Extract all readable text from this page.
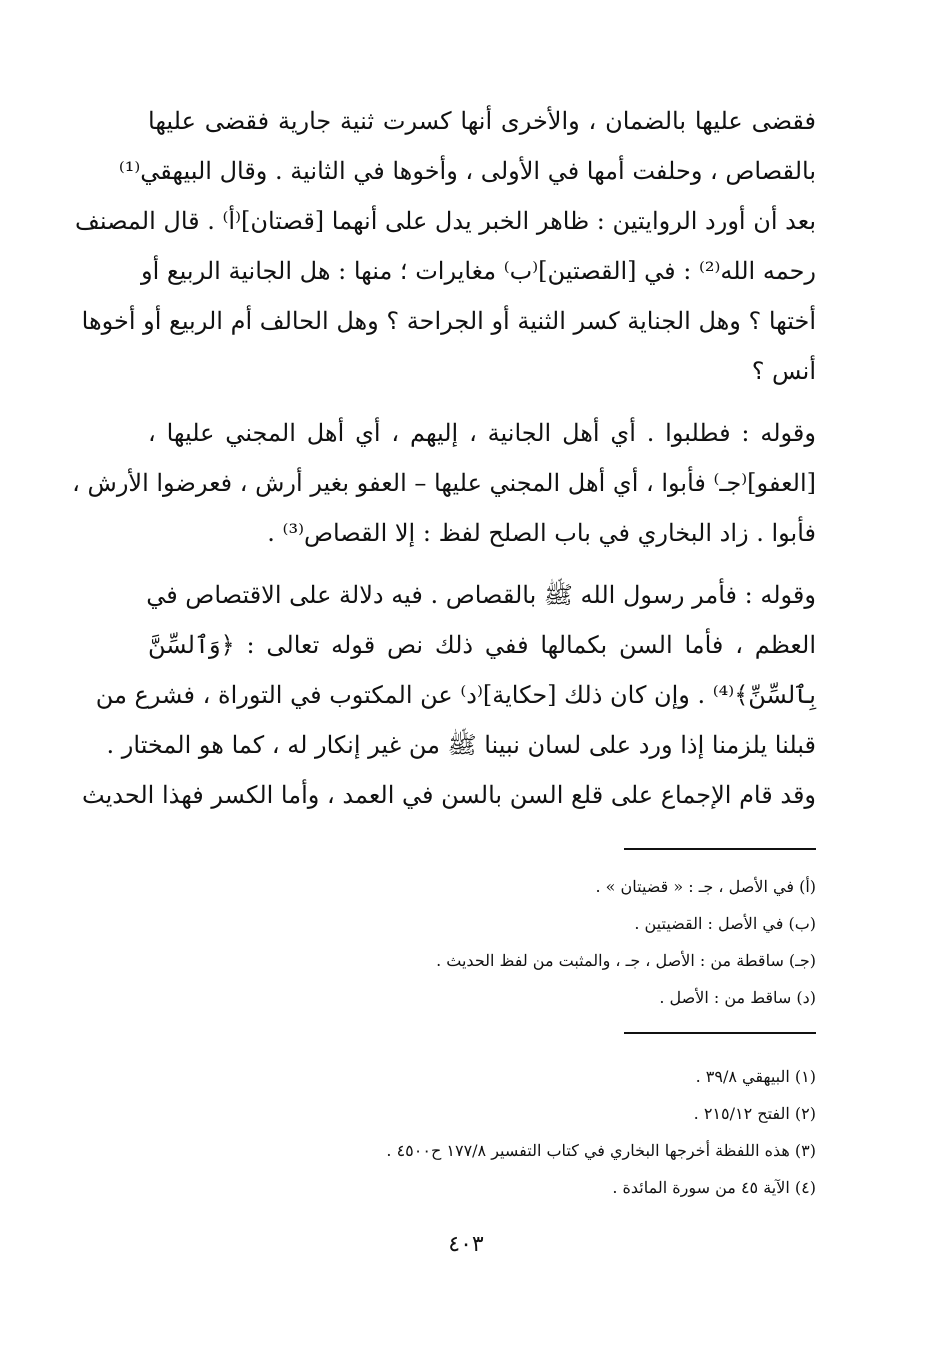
فقضى عليها بالضمان ، والأخرى أنها كسرت ثنية جارية فقضى عليها
بالقصاص ، وحلفت أمها في الأولى ، وأخوها في الثانية . وقال البيهقي⁽¹⁾
بعد أن أورد الروايتين : ظاهر الخبر يدل على أنهما [قصتان]⁽أ⁾ . قال المصنف
رحمه الله⁽²⁾ : في [القصتين]⁽ب⁾ مغايرات ؛ منها : هل الجانية الربيع أو
أختها ؟ وهل الجناية كسر الثنية أو الجراحة ؟ وهل الحالف أم الربيع أو أخوها
أنس ؟
وقوله : فطلبوا . أي أهل الجانية ، إليهم ، أي أهل المجني عليها ،
[العفو]⁽جـ⁾ فأبوا ، أي أهل المجني عليها – العفو بغير أرش ، فعرضوا الأرش ،
فأبوا . زاد البخاري في باب الصلح لفظ : إلا القصاص⁽³⁾ .
وقوله : فأمر رسول الله ﷺ بالقصاص . فيه دلالة على الاقتصاص في
العظم ، فأما السن بكمالها ففي ذلك نص قوله تعالى : ﴿وَٱلسِّنَّ
بِٱلسِّنِّ﴾⁽⁴⁾ . وإن كان ذلك [حكاية]⁽د⁾ عن المكتوب في التوراة ، فشرع من
قبلنا يلزمنا إذا ورد على لسان نبينا ﷺ من غير إنكار له ، كما هو المختار .
وقد قام الإجماع على قلع السن بالسن في العمد ، وأما الكسر فهذا الحديث
(أ) في الأصل ، جـ : « قضيتان » .
(ب) في الأصل : القضيتين .
(جـ) ساقطة من : الأصل ، جـ ، والمثبت من لفظ الحديث .
(د) ساقط من : الأصل .
(١) البيهقي ٣٩/٨ .
(٢) الفتح ٢١٥/١٢ .
(٣) هذه اللفظة أخرجها البخاري في كتاب التفسير ١٧٧/٨ ح٤٥٠٠ .
(٤) الآية ٤٥ من سورة المائدة .
٤٠٣
